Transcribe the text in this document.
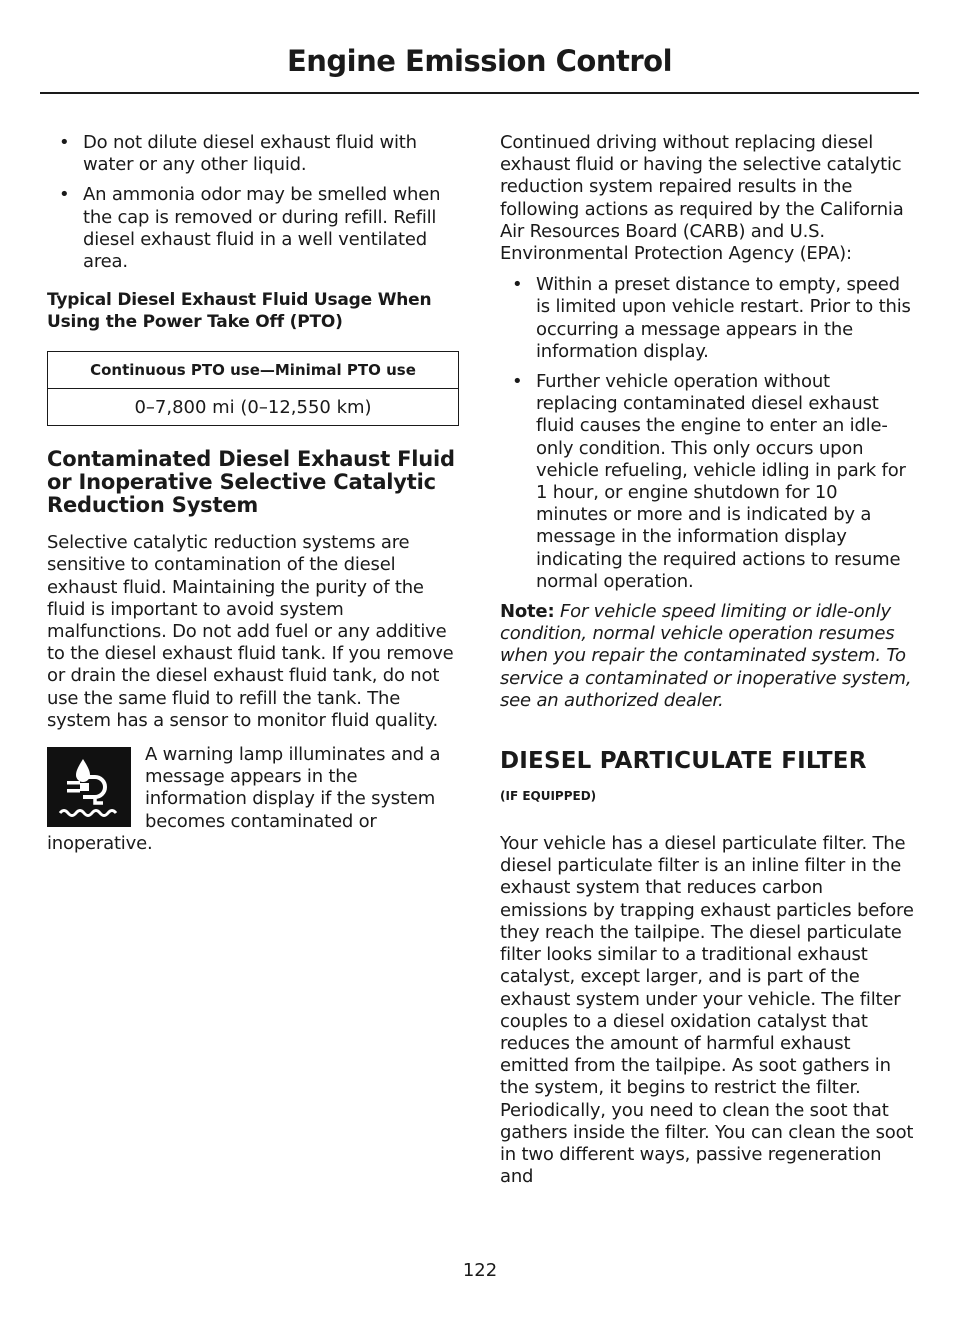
Engine Emission Control
• Do not dilute diesel exhaust fluid with water or any other liquid.
• An ammonia odor may be smelled when the cap is removed or during refill. Refill diesel exhaust fluid in a well ventilated area.
Typical Diesel Exhaust Fluid Usage When Using the Power Take Off (PTO)
Continuous PTO use—Minimal PTO use
0–7,800 mi (0–12,550 km)
Contaminated Diesel Exhaust Fluid or Inoperative Selective Catalytic Reduction System

Selective catalytic reduction systems are sensitive to contamination of the diesel exhaust fluid. Maintaining the purity of the fluid is important to avoid system malfunctions. Do not add fuel or any additive to the diesel exhaust fluid tank. If you remove or drain the diesel exhaust fluid tank, do not use the same fluid to refill the tank. The system has a sensor to monitor fluid quality.

A warning lamp illuminates and a message appears in the information display if the system becomes contaminated or inoperative.

Continued driving without replacing diesel exhaust fluid or having the selective catalytic reduction system repaired results in the following actions as required by the California Air Resources Board (CARB) and U.S. Environmental Protection Agency (EPA):

• Within a preset distance to empty, speed is limited upon vehicle restart. Prior to this occurring a message appears in the information display.
• Further vehicle operation without replacing contaminated diesel exhaust fluid causes the engine to enter an idle-only condition. This only occurs upon vehicle refueling, vehicle idling in park for 1 hour, or engine shutdown for 10 minutes or more and is indicated by a message in the information display indicating the required actions to resume normal operation.

Note: For vehicle speed limiting or idle-only condition, normal vehicle operation resumes when you repair the contaminated system. To service a contaminated or inoperative system, see an authorized dealer.

DIESEL PARTICULATE FILTER
(IF EQUIPPED)

Your vehicle has a diesel particulate filter. The diesel particulate filter is an inline filter in the exhaust system that reduces carbon emissions by trapping exhaust particles before they reach the tailpipe. The diesel particulate filter looks similar to a traditional exhaust catalyst, except larger, and is part of the exhaust system under your vehicle. The filter couples to a diesel oxidation catalyst that reduces the amount of harmful exhaust emitted from the tailpipe. As soot gathers in the system, it begins to restrict the filter. Periodically, you need to clean the soot that gathers inside the filter. You can clean the soot in two different ways, passive regeneration and

122
